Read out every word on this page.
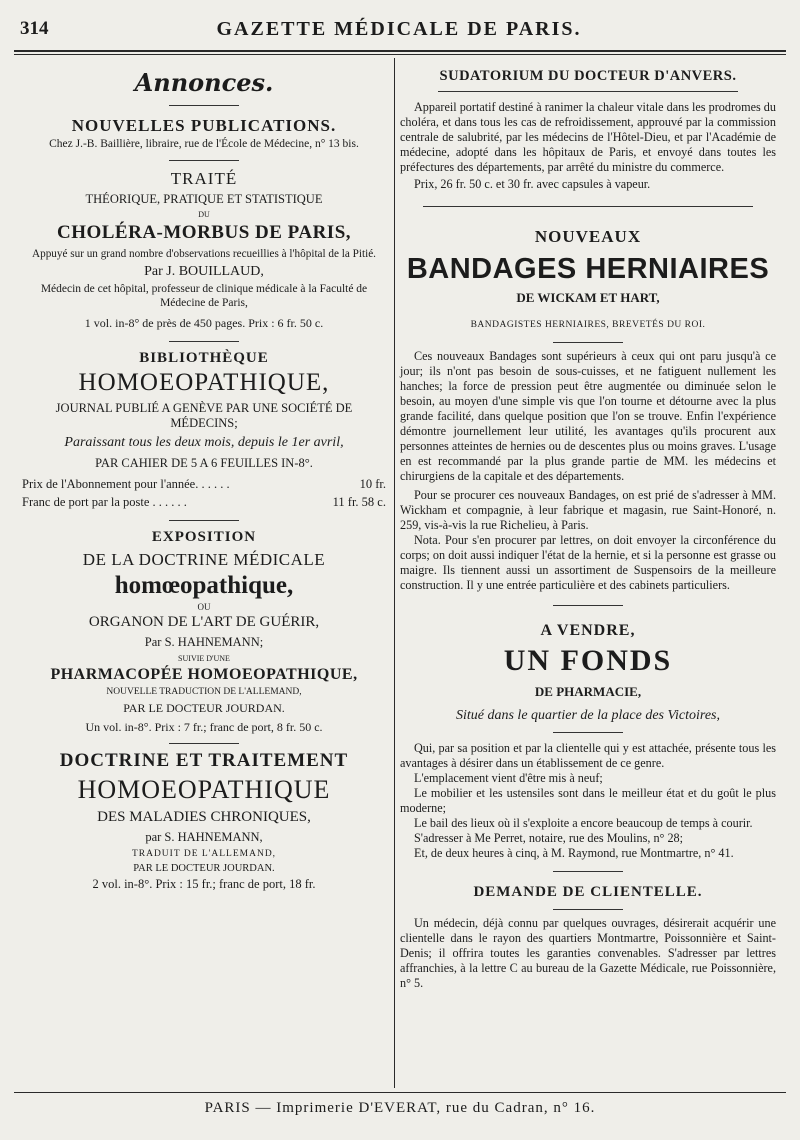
314	GAZETTE MÉDICALE DE PARIS.
Annonces.
NOUVELLES PUBLICATIONS.
Chez J.-B. Baillière, libraire, rue de l'École de Médecine, n° 13 bis.
TRAITÉ
THÉORIQUE, PRATIQUE ET STATISTIQUE
DU
CHOLÉRA-MORBUS DE PARIS,
Appuyé sur un grand nombre d'observations recueillies à l'hôpital de la Pitié.
Par J. BOUILLAUD,
Médecin de cet hôpital, professeur de clinique médicale à la Faculté de Médecine de Paris,
1 vol. in-8° de près de 450 pages. Prix : 6 fr. 50 c.
BIBLIOTHÈQUE
HOMOEOPATHIQUE,
JOURNAL PUBLIÉ A GENÈVE PAR UNE SOCIÉTÉ DE MÉDECINS;
Paraissant tous les deux mois, depuis le 1er avril,
PAR CAHIER DE 5 A 6 FEUILLES IN-8°.
Prix de l'Abonnement pour l'année. . . . . .	10 fr.
Franc de port par la poste . . . . . .	11 fr. 58 c.
EXPOSITION
DE LA DOCTRINE MÉDICALE
homœopathique,
OU
ORGANON DE L'ART DE GUÉRIR,
Par S. HAHNEMANN;
SUIVIE D'UNE
PHARMACOPÉE HOMOEOPATHIQUE,
NOUVELLE TRADUCTION DE L'ALLEMAND,
PAR LE DOCTEUR JOURDAN.
Un vol. in-8°. Prix : 7 fr.; franc de port, 8 fr. 50 c.
DOCTRINE ET TRAITEMENT
HOMOEOPATHIQUE
DES MALADIES CHRONIQUES,
par S. HAHNEMANN,
TRADUIT DE L'ALLEMAND,
PAR LE DOCTEUR JOURDAN.
2 vol. in-8°. Prix : 15 fr.; franc de port, 18 fr.
SUDATORIUM DU DOCTEUR D'ANVERS.

Appareil portatif destiné à ranimer la chaleur vitale dans les prodromes du choléra, et dans tous les cas de refroidissement, approuvé par la commission centrale de salubrité, par les médecins de l'Hôtel-Dieu, et par l'Académie de médecine, adopté dans les hôpitaux de Paris, et envoyé dans toutes les préfectures des départements, par arrêté du ministre du commerce.

Prix, 26 fr. 50 c. et 30 fr. avec capsules à vapeur.

NOUVEAUX
BANDAGES HERNIAIRES
DE WICKAM ET HART,
BANDAGISTES HERNIAIRES, BREVETÉS DU ROI.

Ces nouveaux Bandages sont supérieurs à ceux qui ont paru jusqu'à ce jour; ils n'ont pas besoin de sous-cuisses, et ne fatiguent nullement les hanches; la force de pression peut être augmentée ou diminuée selon le besoin, au moyen d'une simple vis que l'on tourne et détourne avec la plus grande facilité, dans quelque position que l'on se trouve. Enfin l'expérience démontre journellement leur utilité, les avantages qu'ils procurent aux personnes atteintes de hernies ou de descentes plus ou moins graves. L'usage en est recommandé par la plus grande partie de MM. les médecins et chirurgiens de la capitale et des départements.

Pour se procurer ces nouveaux Bandages, on est prié de s'adresser à MM. Wickham et compagnie, à leur fabrique et magasin, rue Saint-Honoré, n. 259, vis-à-vis la rue Richelieu, à Paris.

Nota. Pour s'en procurer par lettres, on doit envoyer la circonférence du corps; on doit aussi indiquer l'état de la hernie, et si la personne est grasse ou maigre. Ils tiennent aussi un assortiment de Suspensoirs de la meilleure construction. Il y une entrée particulière et des cabinets particuliers.

A VENDRE,
UN FONDS
DE PHARMACIE,
Situé dans le quartier de la place des Victoires,

Qui, par sa position et par la clientelle qui y est attachée, présente tous les avantages à désirer dans un établissement de ce genre.

L'emplacement vient d'être mis à neuf;

Le mobilier et les ustensiles sont dans le meilleur état et du goût le plus moderne;

Le bail des lieux où il s'exploite a encore beaucoup de temps à courir.

S'adresser à Me Perret, notaire, rue des Moulins, n° 28;

Et, de deux heures à cinq, à M. Raymond, rue Montmartre, n° 41.

DEMANDE DE CLIENTELLE.

Un médecin, déjà connu par quelques ouvrages, désirerait acquérir une clientelle dans le rayon des quartiers Montmartre, Poissonnière et Saint-Denis; il offrira toutes les garanties convenables. S'adresser par lettres affranchies, à la lettre C au bureau de la Gazette Médicale, rue Poissonnière, n° 5.

PARIS — Imprimerie D'EVERAT, rue du Cadran, n° 16.
